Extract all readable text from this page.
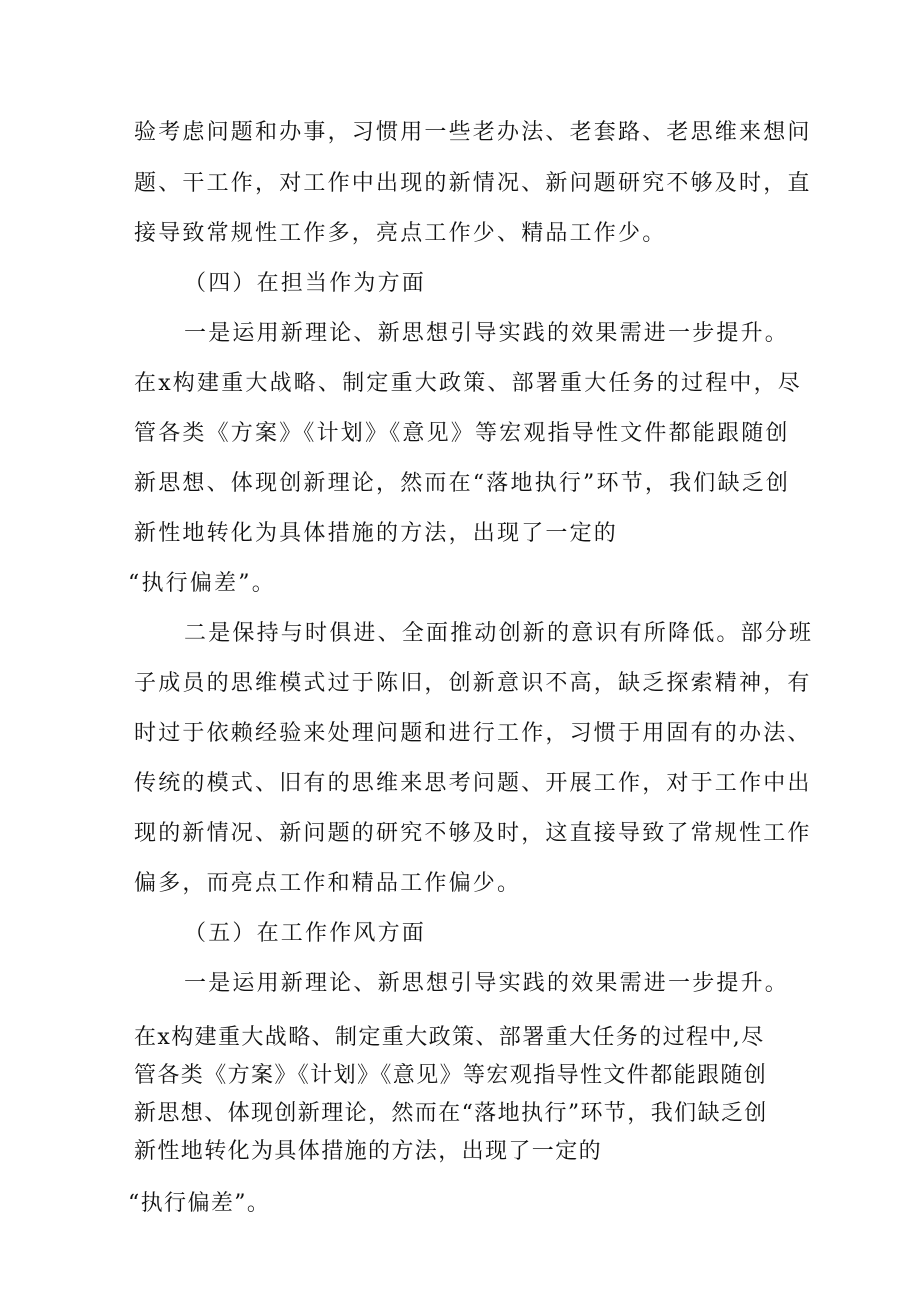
验考虑问题和办事，习惯用一些老办法、老套路、老思维来想问
题、干工作，对工作中出现的新情况、新问题研究不够及时，直
接导致常规性工作多，亮点工作少、精品工作少。
（四）在担当作为方面
一是运用新理论、新思想引导实践的效果需进一步提升。
在x构建重大战略、制定重大政策、部署重大任务的过程中，尽
管各类《方案》《计划》《意见》等宏观指导性文件都能跟随创
新思想、体现创新理论，然而在“落地执行”环节，我们缺乏创
新性地转化为具体措施的方法，出现了一定的
“执行偏差”。
二是保持与时俱进、全面推动创新的意识有所降低。部分班
子成员的思维模式过于陈旧，创新意识不高，缺乏探索精神，有
时过于依赖经验来处理问题和进行工作，习惯于用固有的办法、
传统的模式、旧有的思维来思考问题、开展工作，对于工作中出
现的新情况、新问题的研究不够及时，这直接导致了常规性工作
偏多，而亮点工作和精品工作偏少。
（五）在工作作风方面
一是运用新理论、新思想引导实践的效果需进一步提升。
在x构建重大战略、制定重大政策、部署重大任务的过程中,尽
管各类《方案》《计划》《意见》等宏观指导性文件都能跟随创
新思想、体现创新理论，然而在“落地执行”环节，我们缺乏创
新性地转化为具体措施的方法，出现了一定的
“执行偏差”。
